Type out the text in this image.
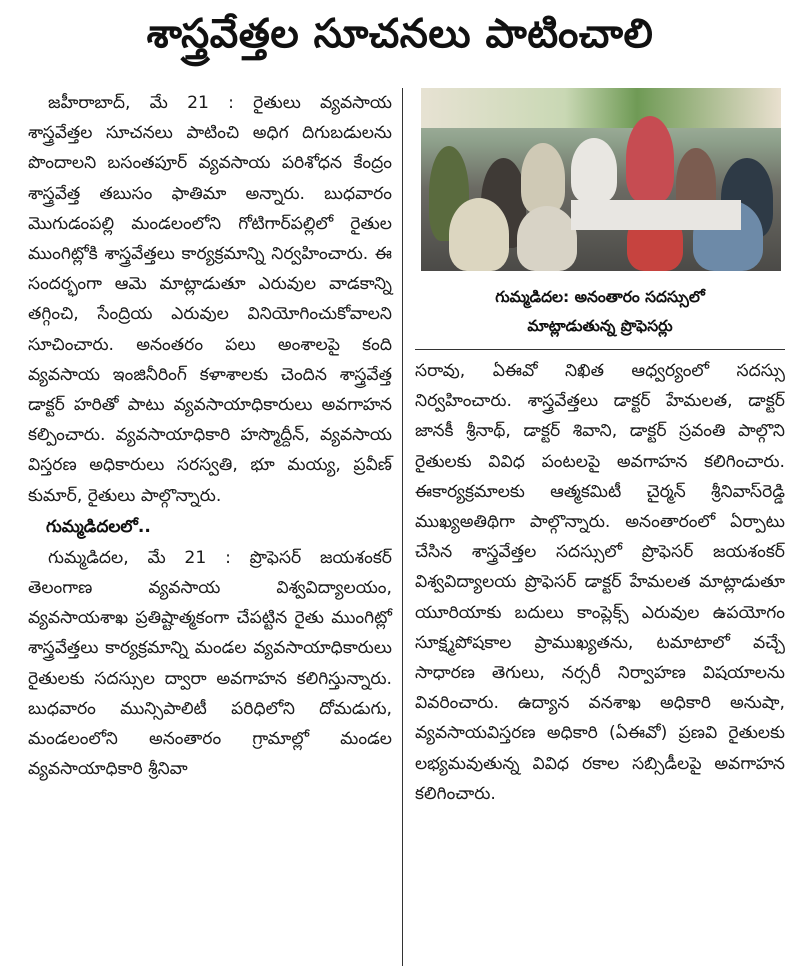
శాస్త్రవేత్తల సూచనలు పాటించాలి

జహీరాబాద్, మే 21 : రైతులు వ్యవసాయ శాస్త్రవేత్తల సూచనలు పాటించి అధిగ దిగుబడులను పొందాలని బసంతపూర్ వ్యవసాయ పరిశోధన కేంద్రం శాస్త్రవేత్త తబుసం ఫాతిమా అన్నారు. బుధవారం మొగుడంపల్లి మండలంలోని గోటిగార్‌పల్లిలో రైతుల ముంగిట్లోకి శాస్త్రవేత్తలు కార్యక్రమాన్ని నిర్వహించారు. ఈ సందర్భంగా ఆమె మాట్లాడుతూ ఎరువుల వాడకాన్ని తగ్గించి, సేంద్రియ ఎరువుల వినియోగించుకోవాలని సూచించారు. అనంతరం పలు అంశాలపై కంది వ్యవసాయ ఇంజినీరింగ్ కళాశాలకు చెందిన శాస్త్రవేత్త డాక్టర్ హరితో పాటు వ్యవసాయాధికారులు అవగాహన కల్పించారు. వ్యవసాయాధికారి హస్మొద్దీన్, వ్యవసాయ విస్తరణ అధికారులు సరస్వతి, భూ మయ్య, ప్రవీణ్ కుమార్, రైతులు పాల్గొన్నారు.

గుమ్మడిదలలో..

గుమ్మడిదల, మే 21 : ప్రొఫెసర్ జయశంకర్ తెలంగాణ వ్యవసాయ విశ్వవిద్యాలయం, వ్యవసాయశాఖ ప్రతిష్టాత్మకంగా చేపట్టిన రైతు ముంగిట్లో శాస్త్రవేత్తలు కార్యక్రమాన్ని మండల వ్యవసాయాధికారులు రైతులకు సదస్సుల ద్వారా అవగాహన కలిగిస్తున్నారు. బుధవారం మున్సిపాలిటీ పరిధిలోని దోమడుగు, మండలంలోని అనంతారం గ్రామాల్లో మండల వ్యవసాయాధికారి శ్రీనివా

గుమ్మడిదల: అనంతారం సదస్సులో
మాట్లాడుతున్న ప్రొఫెసర్లు

సరావు, ఏఈవో నిఖిత ఆధ్వర్యంలో సదస్సు నిర్వహించారు. శాస్త్రవేత్తలు డాక్టర్ హేమలత, డాక్టర్ జానకీ శ్రీనాథ్, డాక్టర్ శివాని, డాక్టర్ స్రవంతి పాల్గొని రైతులకు వివిధ పంటలపై అవగాహన కలిగించారు. ఈకార్యక్రమాలకు ఆత్మకమిటీ చైర్మన్ శ్రీనివాస్‌రెడ్డి ముఖ్యఅతిథిగా పాల్గొన్నారు. అనంతారంలో ఏర్పాటు చేసిన శాస్త్రవేత్తల సదస్సులో ప్రొఫెసర్ జయశంకర్ విశ్వవిద్యాలయ ప్రొఫెసర్ డాక్టర్ హేమలత మాట్లాడుతూ యూరియాకు బదులు కాంప్లెక్స్ ఎరువుల ఉపయోగం సూక్ష్మపోషకాల ప్రాముఖ్యతను, టమాటాలో వచ్చే సాధారణ తెగులు, నర్సరీ నిర్వాహణ విషయాలను వివరించారు. ఉద్యాన వనశాఖ అధికారి అనుషా, వ్యవసాయవిస్తరణ అధికారి (ఏఈవో) ప్రణవి రైతులకు లభ్యమవుతున్న వివిధ రకాల సబ్సిడీలపై అవగాహన కలిగించారు.
